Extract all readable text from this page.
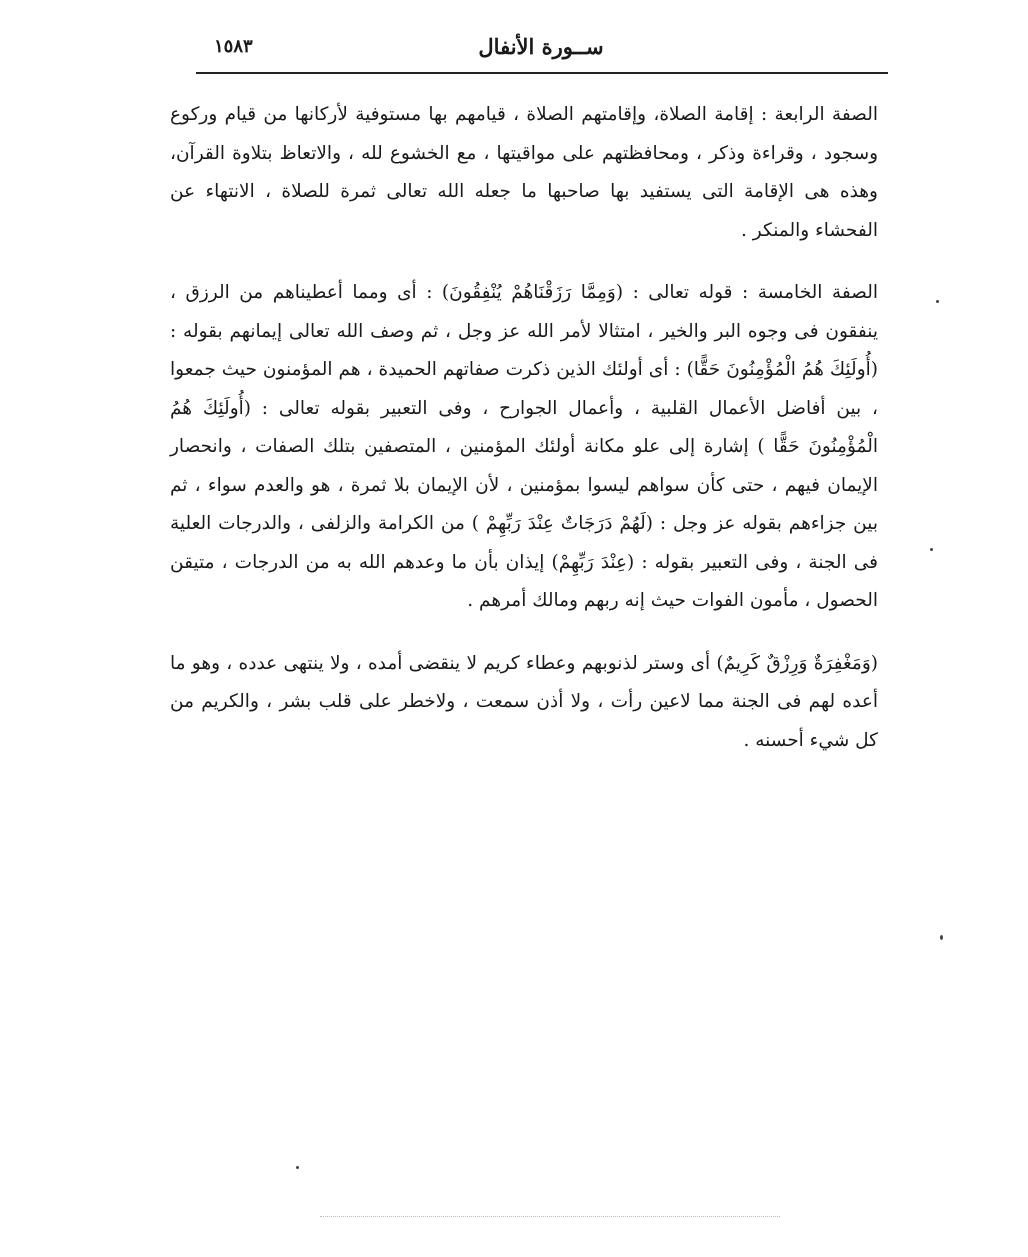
ســورة الأنفال
١٥٨٣

الصفة الرابعة : إقامة الصلاة، وإقامتهم الصلاة ، قيامهم بها مستوفية لأركانها من قيام وركوع وسجود ، وقراءة وذكر ، ومحافظتهم على مواقيتها ، مع الخشوع لله ، والاتعاظ بتلاوة القرآن، وهذه هى الإقامة التى يستفيد بها صاحبها ما جعله الله تعالى ثمرة للصلاة ، الانتهاء عن الفحشاء والمنكر .

الصفة الخامسة : قوله تعالى : (وَمِمَّا رَزَقْنَاهُمْ يُنْفِقُونَ) : أى ومما أعطيناهم من الرزق ، ينفقون فى وجوه البر والخير ، امتثالا لأمر الله عز وجل ، ثم وصف الله تعالى إيمانهم بقوله : (أُولَئِكَ هُمُ الْمُؤْمِنُونَ حَقًّا) : أى أولئك الذين ذكرت صفاتهم الحميدة ، هم المؤمنون حيث جمعوا ، بين أفاضل الأعمال القلبية ، وأعمال الجوارح ، وفى التعبير بقوله تعالى : (أُولَئِكَ هُمُ الْمُؤْمِنُونَ حَقًّا ) إشارة إلى علو مكانة أولئك المؤمنين ، المتصفين بتلك الصفات ، وانحصار الإيمان فيهم ، حتى كأن سواهم ليسوا بمؤمنين ، لأن الإيمان بلا ثمرة ، هو والعدم سواء ، ثم بين جزاءهم بقوله عز وجل : (لَهُمْ دَرَجَاتٌ عِنْدَ رَبِّهِمْ ) من الكرامة والزلفى ، والدرجات العلية فى الجنة ، وفى التعبير بقوله : (عِنْدَ رَبِّهِمْ) إيذان بأن ما وعدهم الله به من الدرجات ، متيقن الحصول ، مأمون الفوات حيث إنه ربهم ومالك أمرهم .

(وَمَغْفِرَةٌ وَرِزْقٌ كَرِيمٌ) أى وستر لذنوبهم وعطاء كريم لا ينقضى أمده ، ولا ينتهى عدده ، وهو ما أعده لهم فى الجنة مما لاعين رأت ، ولا أذن سمعت ، ولاخطر على قلب بشر ، والكريم من كل شيء أحسنه .
